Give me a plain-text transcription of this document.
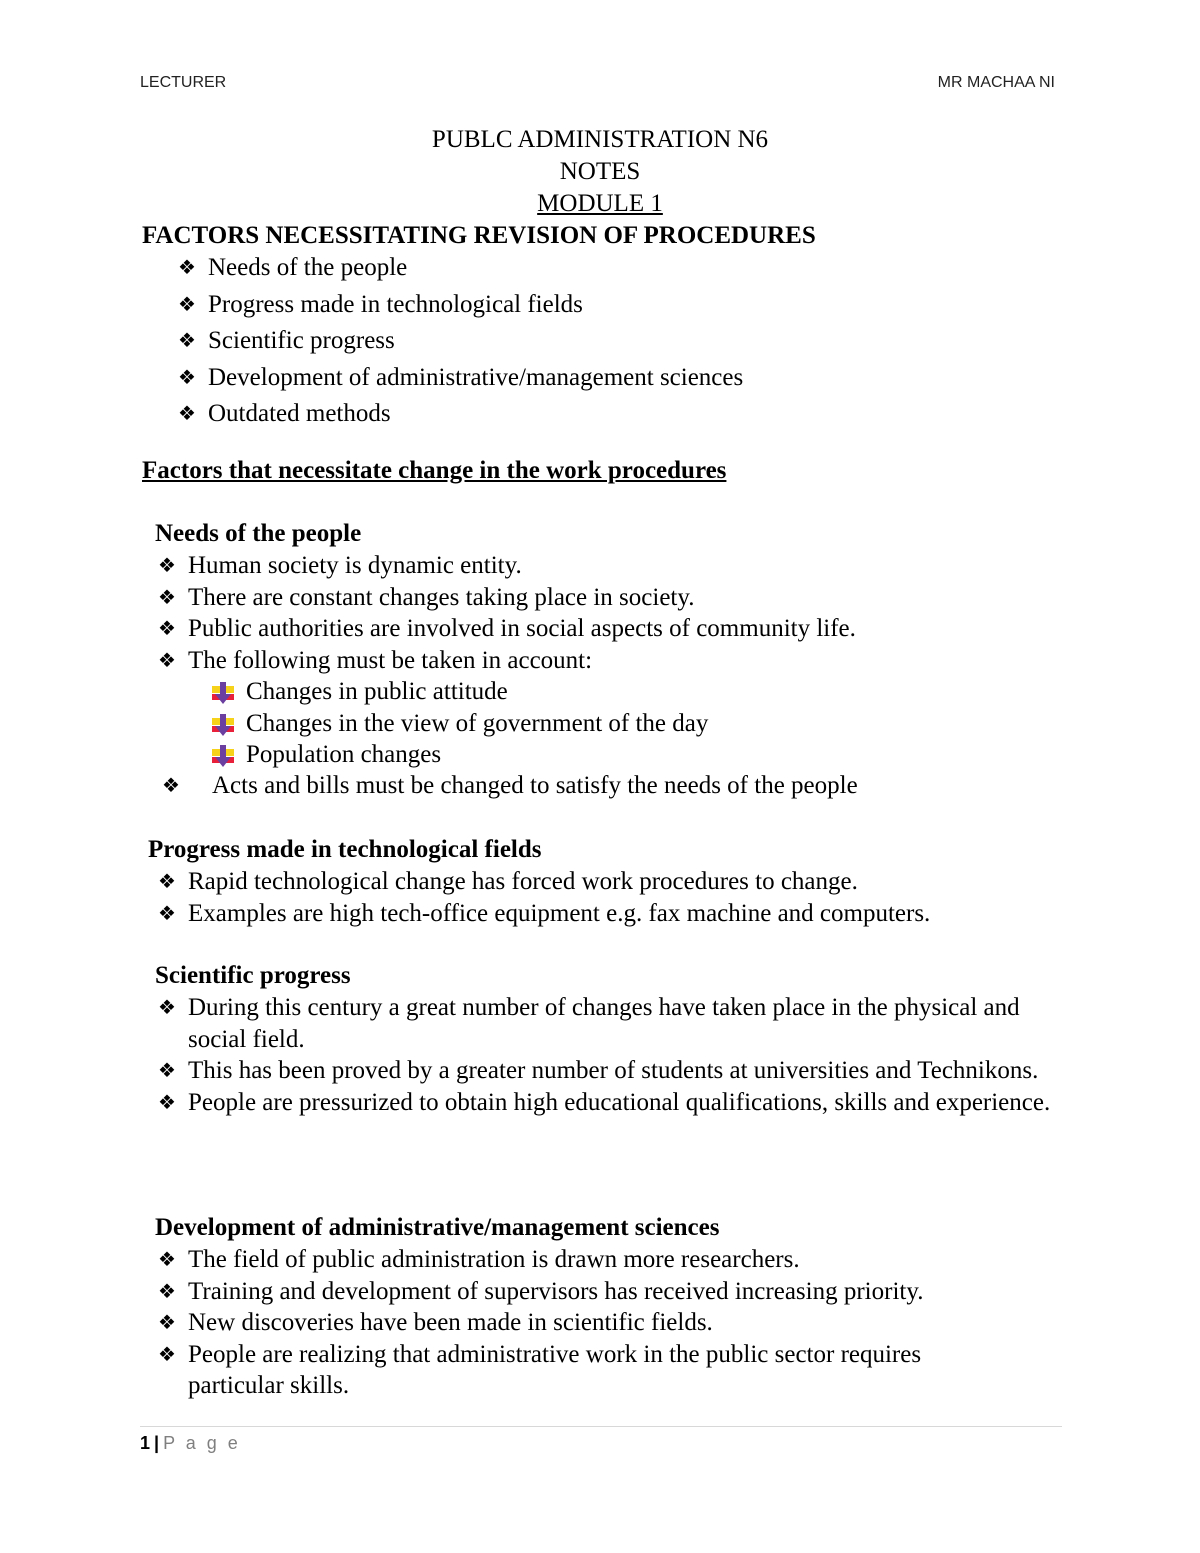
LECTURER	MR MACHAA NI
PUBLC ADMINISTRATION N6
NOTES
MODULE 1
FACTORS NECESSITATING REVISION OF PROCEDURES
❖ Needs of the people
❖ Progress made in technological fields
❖ Scientific progress
❖ Development of administrative/management sciences
❖ Outdated methods
Factors that necessitate change in the work procedures
Needs of the people
❖ Human society is dynamic entity.
❖ There are constant changes taking place in society.
❖ Public authorities are involved in social aspects of community life.
❖ The following must be taken in account:
Changes in public attitude
Changes in the view of government of the day
Population changes
❖ Acts and bills must be changed to satisfy the needs of the people
Progress made in technological fields
❖ Rapid technological change has forced work procedures to change.
❖ Examples are high tech-office equipment e.g. fax machine and computers.
Scientific progress
❖ During this century a great number of changes have taken place in the physical and social field.
❖ This has been proved by a greater number of students at universities and Technikons.
❖ People are pressurized to obtain high educational qualifications, skills and experience.
Development of administrative/management sciences
❖ The field of public administration is drawn more researchers.
❖ Training and development of supervisors has received increasing priority.
❖ New discoveries have been made in scientific fields.
❖ People are realizing that administrative work in the public sector requires particular skills.
1 | P a g e
